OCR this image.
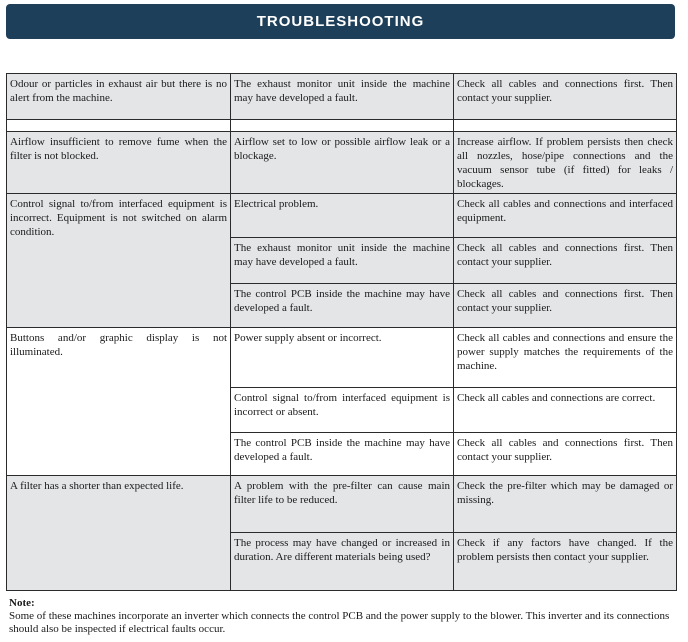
TROUBLESHOOTING
Odour or particles in exhaust air but there is no alert from the machine.	The exhaust monitor unit inside the machine may have developed a fault.	Check all cables and connections first. Then contact your supplier.

Airflow insufficient to remove fume when the filter is not blocked.	Airflow set to low or possible airflow leak or a blockage.	Increase airflow. If problem persists then check all nozzles, hose/pipe connections and the vacuum sensor tube (if fitted) for leaks / blockages.
Control signal to/from interfaced equipment is incorrect. Equipment is not switched on alarm condition.	Electrical problem.	Check all cables and connections and interfaced equipment.
	The exhaust monitor unit inside the machine may have developed a fault.	Check all cables and connections first. Then contact your supplier.
	The control PCB inside the machine may have developed a fault.	Check all cables and connections first. Then contact your supplier.
Buttons and/or graphic display is not illuminated.	Power supply absent or incorrect.	Check all cables and connections and ensure the power supply matches the requirements of the machine.
	Control signal to/from interfaced equipment is incorrect or absent.	Check all cables and connections are correct.
	The control PCB inside the machine may have developed a fault.	Check all cables and connections first. Then contact your supplier.
A filter has a shorter than expected life.	A problem with the pre-filter can cause main filter life to be reduced.	Check the pre-filter which may be damaged or missing.
	The process may have changed or increased in duration. Are different materials being used?	Check if any factors have changed. If the problem persists then contact your supplier.
Note:
Some of these machines incorporate an inverter which connects the control PCB and the power supply to the blower. This inverter and its connections should also be inspected if electrical faults occur.
